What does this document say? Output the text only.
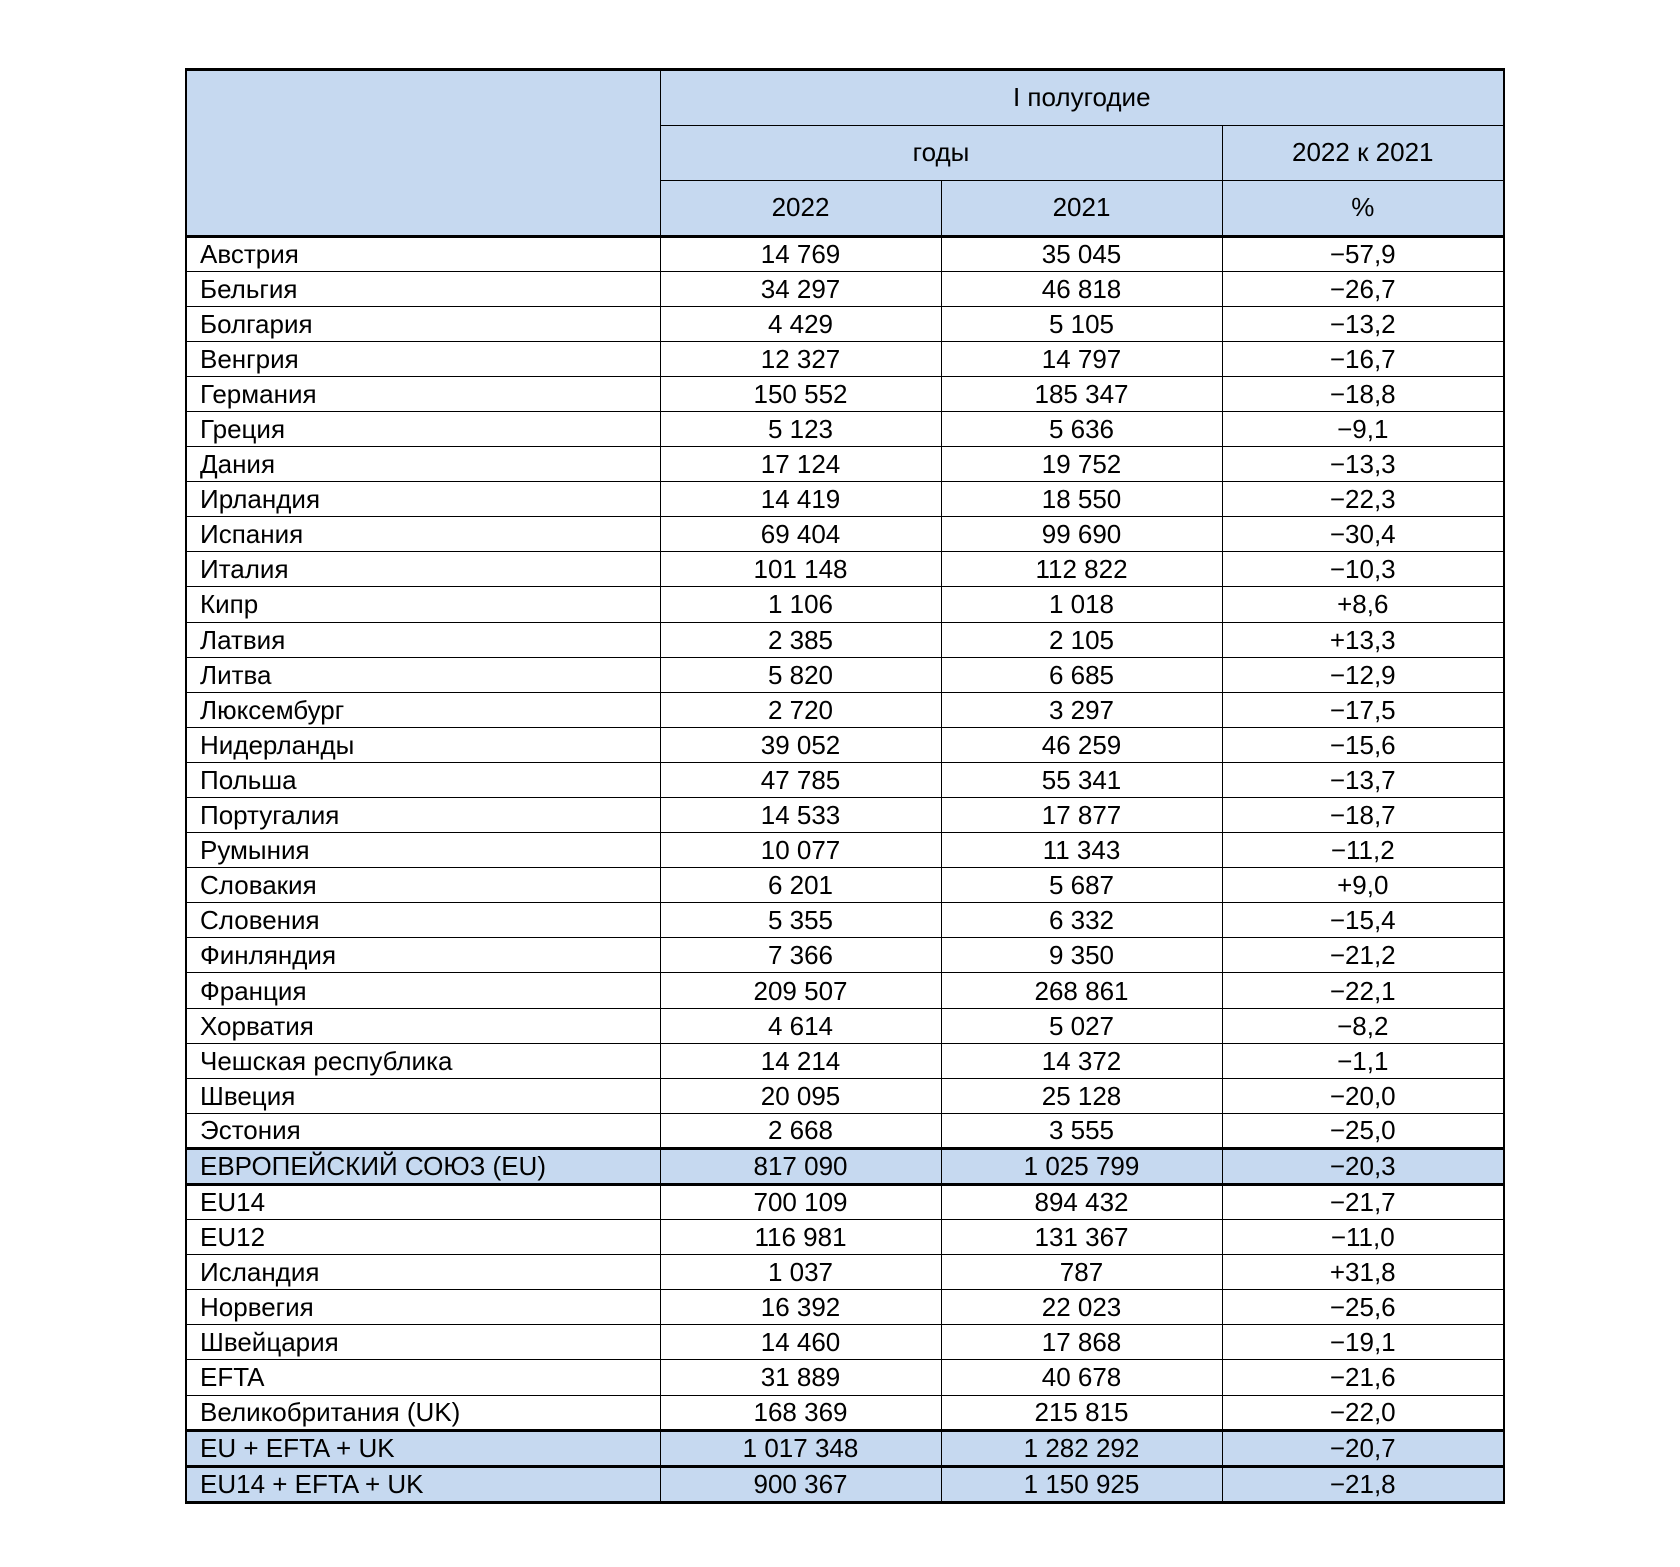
	I полугодие		
	годы		2022 к 2021
	2022	2021	%
Австрия	14 769	35 045	−57,9
Бельгия	34 297	46 818	−26,7
Болгария	4 429	5 105	−13,2
Венгрия	12 327	14 797	−16,7
Германия	150 552	185 347	−18,8
Греция	5 123	5 636	−9,1
Дания	17 124	19 752	−13,3
Ирландия	14 419	18 550	−22,3
Испания	69 404	99 690	−30,4
Италия	101 148	112 822	−10,3
Кипр	1 106	1 018	+8,6
Латвия	2 385	2 105	+13,3
Литва	5 820	6 685	−12,9
Люксембург	2 720	3 297	−17,5
Нидерланды	39 052	46 259	−15,6
Польша	47 785	55 341	−13,7
Португалия	14 533	17 877	−18,7
Румыния	10 077	11 343	−11,2
Словакия	6 201	5 687	+9,0
Словения	5 355	6 332	−15,4
Финляндия	7 366	9 350	−21,2
Франция	209 507	268 861	−22,1
Хорватия	4 614	5 027	−8,2
Чешская республика	14 214	14 372	−1,1
Швеция	20 095	25 128	−20,0
Эстония	2 668	3 555	−25,0
ЕВРОПЕЙСКИЙ СОЮЗ (EU)	817 090	1 025 799	−20,3
EU14	700 109	894 432	−21,7
EU12	116 981	131 367	−11,0
Исландия	1 037	787	+31,8
Норвегия	16 392	22 023	−25,6
Швейцария	14 460	17 868	−19,1
EFTA	31 889	40 678	−21,6
Великобритания (UK)	168 369	215 815	−22,0
EU + EFTA + UK	1 017 348	1 282 292	−20,7
EU14 + EFTA + UK	900 367	1 150 925	−21,8
